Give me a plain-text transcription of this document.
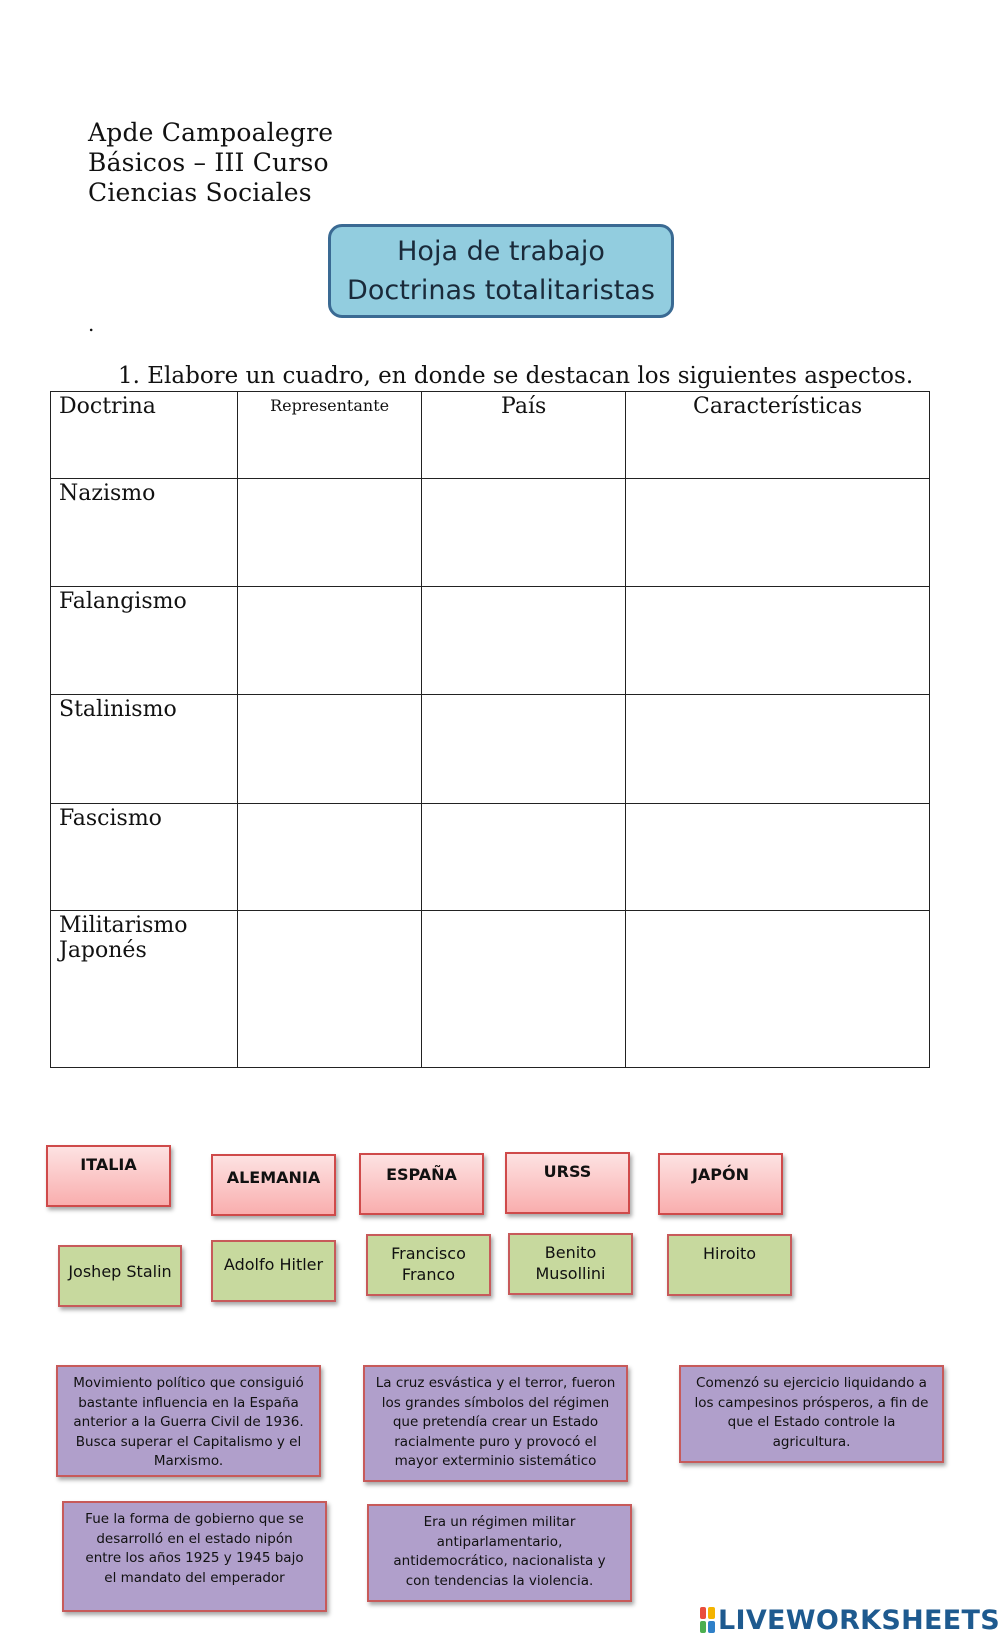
Apde Campoalegre
Básicos – III Curso
Ciencias Sociales
Hoja de trabajo
Doctrinas totalitaristas
.
1. Elabore un cuadro, en donde se destacan los siguientes aspectos.
Doctrina	Representante	País	Características
Nazismo			
Falangismo			
Stalinismo			
Fascismo			
Militarismo Japonés			
ITALIA
ALEMANIA	ESPAÑA	URSS	JAPÓN
Joshep Stalin	Adolfo Hitler
Francisco Franco
Benito Musollini
Hiroito
Movimiento político que consiguió bastante influencia en la España anterior a la Guerra Civil de 1936. Busca superar el Capitalismo y el Marxismo.
La cruz esvástica y el terror, fueron los grandes símbolos del régimen que pretendía crear un Estado racialmente puro y provocó el mayor exterminio sistemático
Comenzó su ejercicio liquidando a los campesinos prósperos, a fin de que el Estado controle la agricultura.
Fue la forma de gobierno que se desarrolló en el estado nipón entre los años 1925 y 1945 bajo el mandato del emperador
Era un régimen militar antiparlamentario, antidemocrático, nacionalista y con tendencias la violencia.
LIVEWORKSHEETS
